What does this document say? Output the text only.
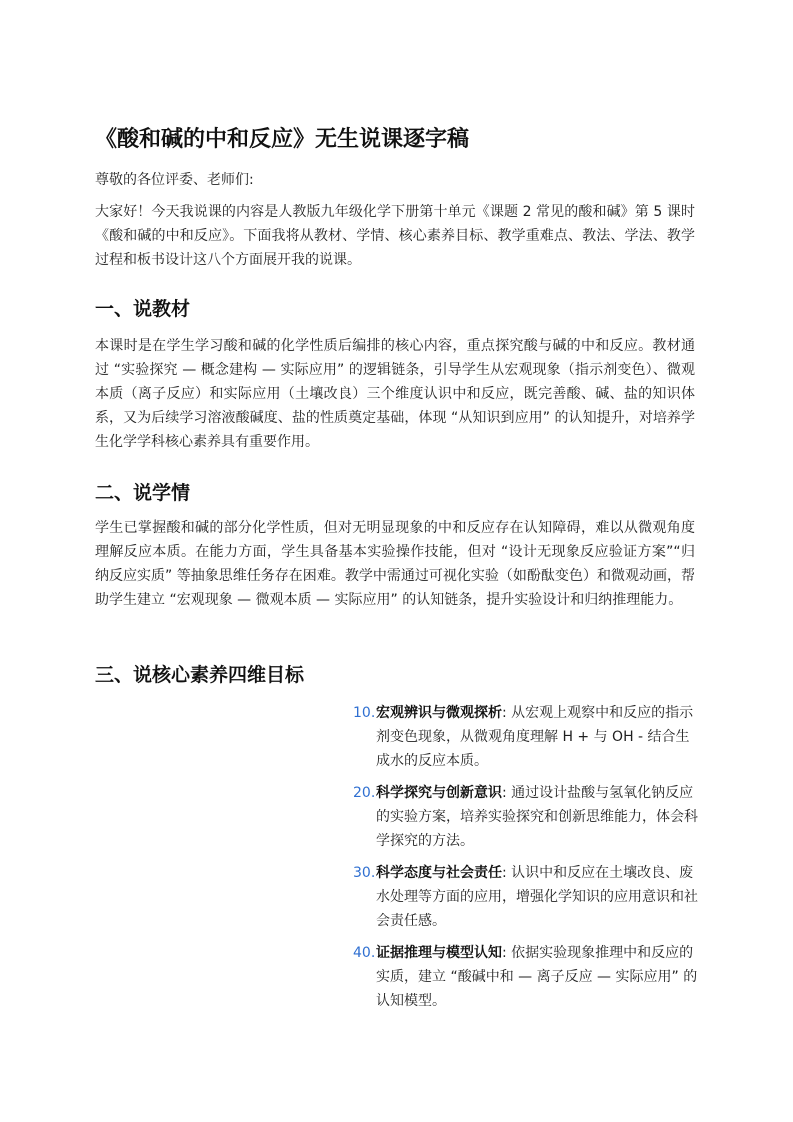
《酸和碱的中和反应》无生说课逐字稿

尊敬的各位评委、老师们:

大家好！今天我说课的内容是人教版九年级化学下册第十单元《课题 2 常见的酸和碱》第 5 课时《酸和碱的中和反应》。下面我将从教材、学情、核心素养目标、教学重难点、教法、学法、教学过程和板书设计这八个方面展开我的说课。

一、说教材

本课时是在学生学习酸和碱的化学性质后编排的核心内容，重点探究酸与碱的中和反应。教材通过 “实验探究 — 概念建构 — 实际应用” 的逻辑链条，引导学生从宏观现象（指示剂变色）、微观本质（离子反应）和实际应用（土壤改良）三个维度认识中和反应，既完善酸、碱、盐的知识体系，又为后续学习溶液酸碱度、盐的性质奠定基础，体现 “从知识到应用” 的认知提升，对培养学生化学学科核心素养具有重要作用。

二、说学情

学生已掌握酸和碱的部分化学性质，但对无明显现象的中和反应存在认知障碍，难以从微观角度理解反应本质。在能力方面，学生具备基本实验操作技能，但对 “设计无现象反应验证方案”“归纳反应实质” 等抽象思维任务存在困难。教学中需通过可视化实验（如酚酞变色）和微观动画，帮助学生建立 “宏观现象 — 微观本质 — 实际应用” 的认知链条，提升实验设计和归纳推理能力。

三、说核心素养四维目标
10. 宏观辨识与微观探析: 从宏观上观察中和反应的指示剂变色现象，从微观角度理解 H + 与 OH - 结合生成水的反应本质。
20. 科学探究与创新意识: 通过设计盐酸与氢氧化钠反应的实验方案，培养实验探究和创新思维能力，体会科学探究的方法。
30. 科学态度与社会责任: 认识中和反应在土壤改良、废水处理等方面的应用，增强化学知识的应用意识和社会责任感。
40. 证据推理与模型认知: 依据实验现象推理中和反应的实质，建立 “酸碱中和 — 离子反应 — 实际应用” 的认知模型。
